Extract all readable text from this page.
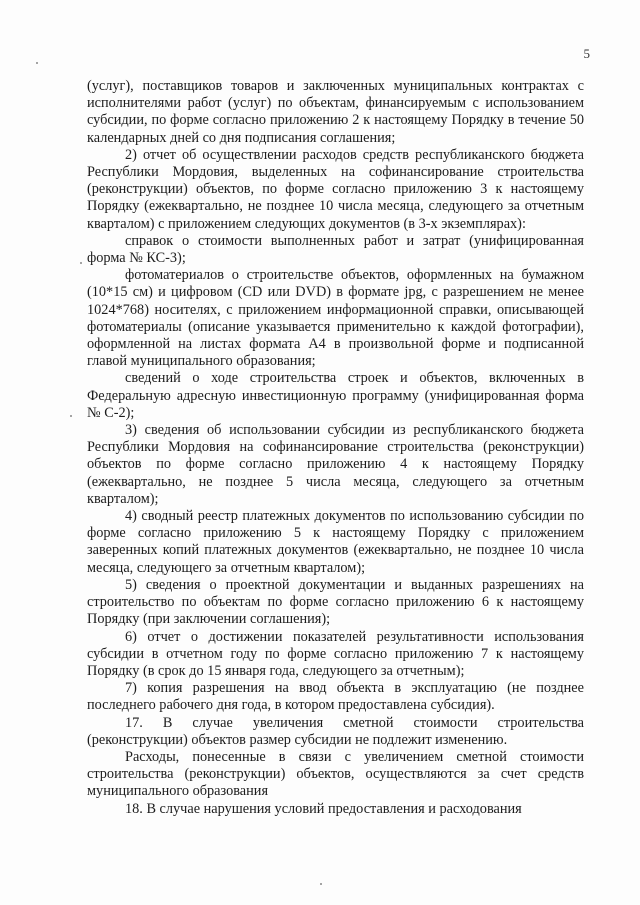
5

(услуг), поставщиков товаров и заключенных муниципальных контрактах с исполнителями работ (услуг) по объектам, финансируемым с использованием субсидии, по форме согласно приложению 2 к настоящему Порядку в течение 50 календарных дней со дня подписания соглашения;

2) отчет об осуществлении расходов средств республиканского бюджета Республики Мордовия, выделенных на софинансирование строительства (реконструкции) объектов, по форме согласно приложению 3 к настоящему Порядку (ежеквартально, не позднее 10 числа месяца, следующего за отчетным кварталом) с приложением следующих документов (в 3-х экземплярах):

справок о стоимости выполненных работ и затрат (унифицированная форма № КС-3);

фотоматериалов о строительстве объектов, оформленных на бумажном (10*15 см) и цифровом (CD или DVD) в формате jpg, с разрешением не менее 1024*768) носителях, с приложением информационной справки, описывающей фотоматериалы (описание указывается применительно к каждой фотографии), оформленной на листах формата А4 в произвольной форме и подписанной главой муниципального образования;

сведений о ходе строительства строек и объектов, включенных в Федеральную адресную инвестиционную программу (унифицированная форма № С-2);

3) сведения об использовании субсидии из республиканского бюджета Республики Мордовия на софинансирование строительства (реконструкции) объектов по форме согласно приложению 4 к настоящему Порядку (ежеквартально, не позднее 5 числа месяца, следующего за отчетным кварталом);

4) сводный реестр платежных документов по использованию субсидии по форме согласно приложению 5 к настоящему Порядку с приложением заверенных копий платежных документов (ежеквартально, не позднее 10 числа месяца, следующего за отчетным кварталом);

5) сведения о проектной документации и выданных разрешениях на строительство по объектам по форме согласно приложению 6 к настоящему Порядку (при заключении соглашения);

6) отчет о достижении показателей результативности использования субсидии в отчетном году по форме согласно приложению 7 к настоящему Порядку (в срок до 15 января года, следующего за отчетным);

7) копия разрешения на ввод объекта в эксплуатацию (не позднее последнего рабочего дня года, в котором предоставлена субсидия).

17. В случае увеличения сметной стоимости строительства (реконструкции) объектов размер субсидии не подлежит изменению.

Расходы, понесенные в связи с увеличением сметной стоимости строительства (реконструкции) объектов, осуществляются за счет средств муниципального образования

18. В случае нарушения условий предоставления и расходования
